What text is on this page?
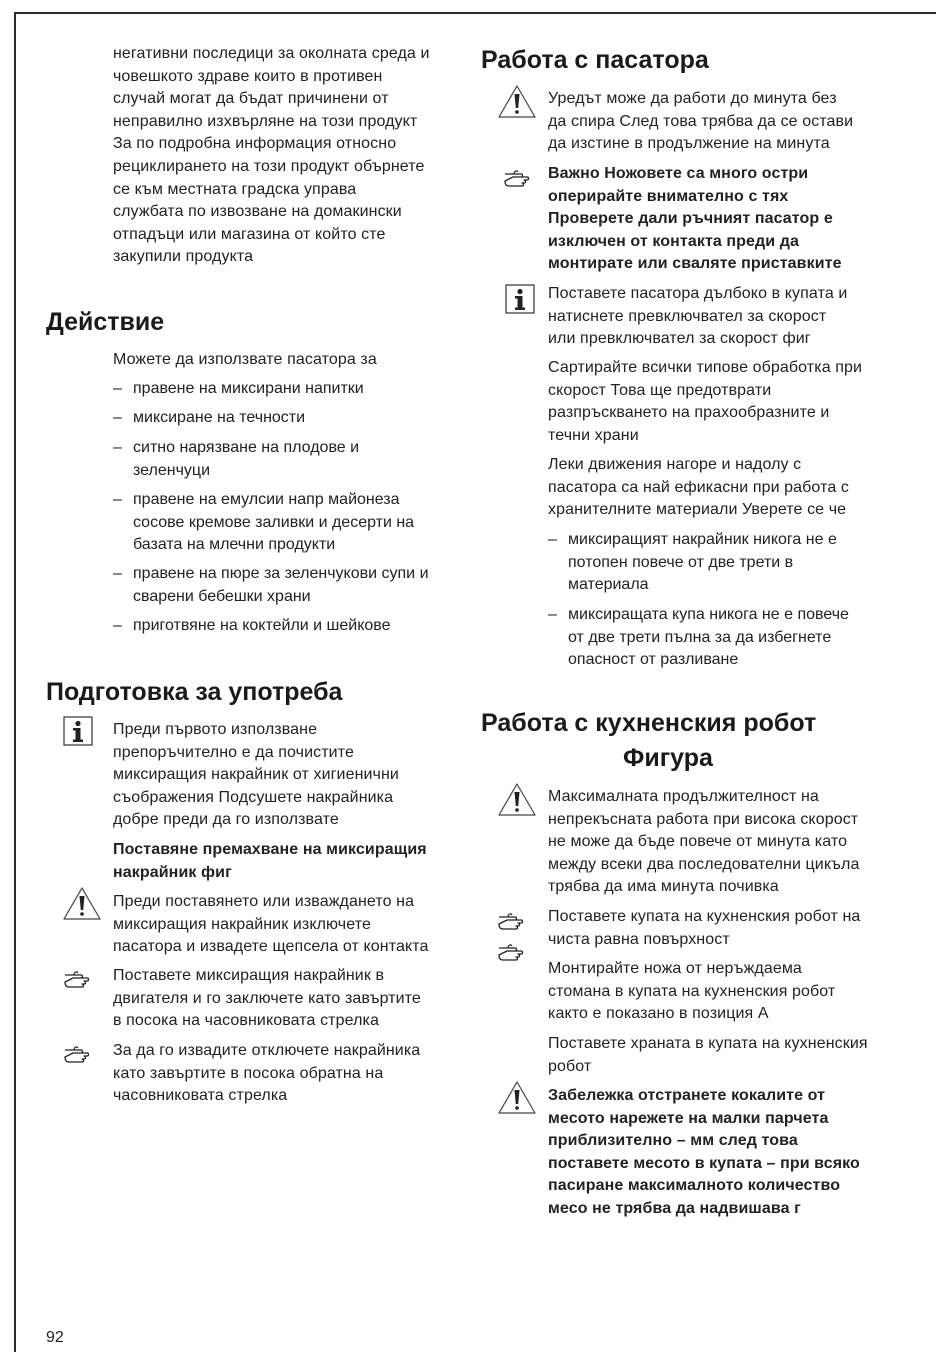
негативни последици за околната среда и
човешкото здраве които в противен
случай могат да бъдат причинени от
неправилно изхвърляне на този продукт
За по подробна информация относно
рециклирането на този продукт обърнете
се към местната градска управа
службата по извозване на домакински
отпадъци или магазина от който сте
закупили продукта

Действие

Можете да използвате пасатора за

– правене на миксирани напитки
– миксиране на течности
– ситно нарязване на плодове и
зеленчуци
– правене на емулсии напр майонеза
сосове кремове заливки и десерти на
базата на млечни продукти
– правене на пюре за зеленчукови супи и
сварени бебешки храни
– приготвяне на коктейли и шейкове
Подготовка за употреба

Преди първото използване
препоръчително е да почистите
миксиращия накрайник от хигиенични
съображения Подсушете накрайника
добре преди да го използвате

Поставяне премахване на миксиращия
накрайник фиг

Преди поставянето или изваждането на
миксиращия накрайник изключете
пасатора и извадете щепсела от контакта

Поставете миксиращия накрайник в
двигателя и го заключете като завъртите
в посока на часовниковата стрелка

За да го извадите отключете накрайника
като завъртите в посока обратна на
часовниковата стрелка

92
Работа с пасатора

Уредът може да работи до минута без
да спира След това трябва да се остави
да изстине в продължение на минута

Важно Ножовете са много остри
оперирайте внимателно с тях
Проверете дали ръчният пасатор е
изключен от контакта преди да
монтирате или сваляте приставките

Поставете пасатора дълбоко в купата и
натиснете превключвател за скорост
или превключвател за скорост фиг

Сартирайте всички типове обработка при
скорост Това ще предотврати
разпръскването на прахообразните и
течни храни

Леки движения нагоре и надолу с
пасатора са най ефикасни при работа с
хранителните материали Уверете се че

– миксиращият накрайник никога не е
потопен повече от две трети в
материала
– миксиращата купа никога не е повече
от две трети пълна за да избегнете
опасност от разливане
Работа с кухненския робот
Фигура

Максималната продължителност на
непрекъсната работа при висока скорост
не може да бъде повече от минута като
между всеки два последователни цикъла
трябва да има минута почивка

Поставете купата на кухненския робот на
чиста равна повърхност

Монтирайте ножа от неръждаема
стомана в купата на кухненския робот
както е показано в позиция А

Поставете храната в купата на кухненския
робот

Забележка отстранете кокалите от
месото нарежете на малки парчета
приблизително – мм след това
поставете месото в купата – при всяко
пасиране максималното количество
месо не трябва да надвишава г
